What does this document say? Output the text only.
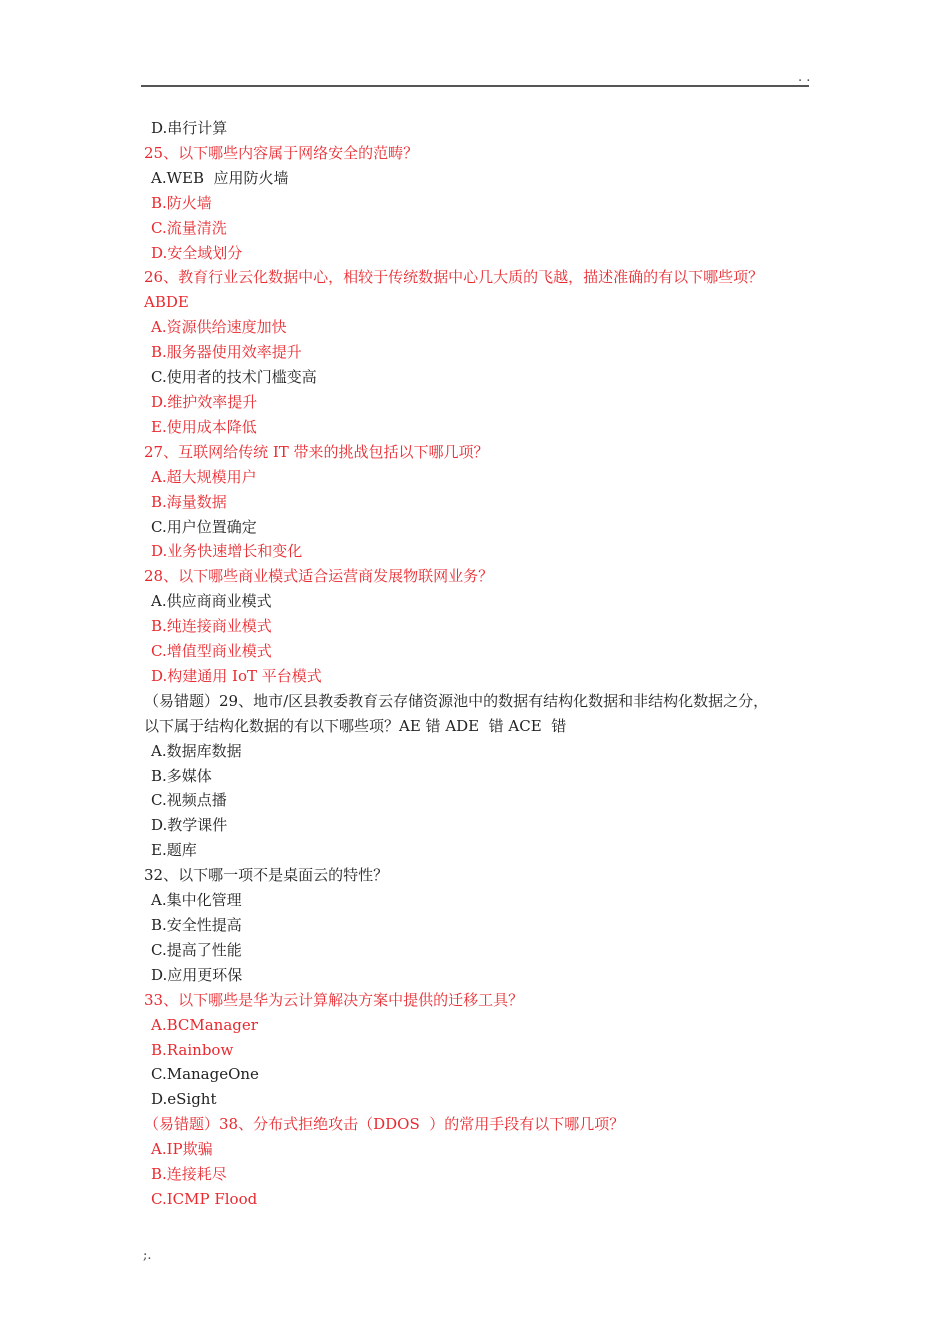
. .
D.串行计算
25、以下哪些内容属于网络安全的范畴？
A.WEB  应用防火墙
B.防火墙
C.流量清洗
D.安全域划分
26、教育行业云化数据中心，相较于传统数据中心几大质的飞越，描述准确的有以下哪些项？
ABDE
A.资源供给速度加快
B.服务器使用效率提升
C.使用者的技术门槛变高
D.维护效率提升
E.使用成本降低
27、互联网给传统 IT 带来的挑战包括以下哪几项？
A.超大规模用户
B.海量数据
C.用户位置确定
D.业务快速增长和变化
28、以下哪些商业模式适合运营商发展物联网业务？
A.供应商商业模式
B.纯连接商业模式
C.增值型商业模式
D.构建通用 IoT 平台模式
（易错题）29、地市/区县教委教育云存储资源池中的数据有结构化数据和非结构化数据之分，
以下属于结构化数据的有以下哪些项？AE 错 ADE  错 ACE  错
A.数据库数据
B.多媒体
C.视频点播
D.教学课件
E.题库
32、以下哪一项不是桌面云的特性？
A.集中化管理
B.安全性提高
C.提高了性能
D.应用更环保
33、以下哪些是华为云计算解决方案中提供的迁移工具？
A.BCManager
B.Rainbow
C.ManageOne
D.eSight
（易错题）38、分布式拒绝攻击（DDOS  ）的常用手段有以下哪几项？
A.IP欺骗
B.连接耗尽
C.ICMP Flood
;.
